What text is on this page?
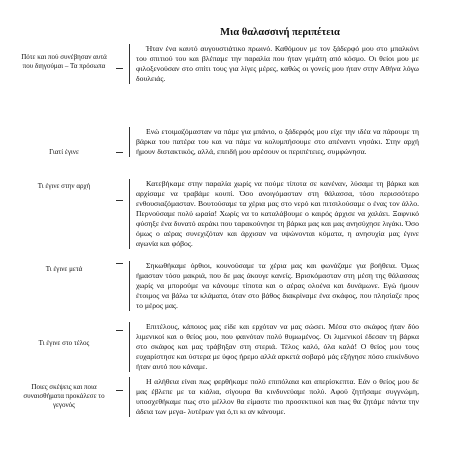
Μια θαλασσινή περιπέτεια
Πότε και πού συνέβησαν αυτά που διηγούμαι – Τα πρόσωπα

Ήταν ένα καυτό αυγουστιάτικο πρωινό. Καθόμουν με τον ξάδερφό μου στο μπαλκόνι του σπιτιού του και βλέπαμε την παραλία που ήταν γεμάτη από κόσμο. Οι θείοι μου με φιλοξενούσαν στο σπίτι τους για λίγες μέρες, καθώς οι γονείς μου ήταν στην Αθήνα λόγω δουλειάς.

Γιατί έγινε

Ενώ ετοιμαζόμασταν να πάμε για μπάνιο, ο ξάδερφός μου είχε την ιδέα να πάρουμε τη βάρκα του πατέρα του και να πάμε να κολυμπήσουμε στο απέναντι νησάκι. Στην αρχή ήμουν διστακτικός, αλλά, επειδή μου αρέσουν οι περιπέτειες, συμφώνησα.

Τι έγινε στην αρχή	Κατεβήκαμε στην παραλία χωρίς να πούμε τίποτα σε κανέναν, λύσαμε τη βάρκα και αρχίσαμε να τραβάμε κουπί. Όσο ανοιγόμασταν στη θάλασσα, τόσο περισσότερο ενθουσιαζόμασταν. Βουτούσαμε τα χέρια μας στο νερό και πιτσιλούσαμε ο ένας τον άλλο. Περνούσαμε πολύ ωραία! Χωρίς να το καταλάβουμε ο καιρός άρχισε να χαλάει. Ξαφνικό φύσηξε ένα δυνατό αεράκι που ταρακούνησε τη βάρκα μας και μας ανησύχησε λιγάκι. Όσο όμως ο αέρας συνεχιζόταν και άρχισαν να υψώνονται κύματα, η ανησυχία μας έγινε αγωνία και φόβος.

Τι έγινε μετά	Σηκωθήκαμε όρθιοι, κουνούσαμε τα χέρια μας και φωνάζαμε για βοήθεια. Όμως ήμασταν τόσο μακριά, που δε μας άκουγε κανείς. Βρισκόμασταν στη μέση της θάλασσας χωρίς να μπορούμε να κάνουμε τίποτα και ο αέρας ολοένα και δυνάμωνε. Εγώ ήμουν έτοιμος να βάλω τα κλάματα, όταν στο βάθος διακρίναμε ένα σκάφος, που πλησίαζε προς το μέρος μας.

Τι έγινε στο τέλος

Επιτέλους, κάποιος μας είδε και ερχόταν να μας σώσει. Μέσα στο σκάφος ήταν δύο λιμενικοί και ο θείος μου, που φαινόταν πολύ θυμωμένος. Οι λιμενικοί έδεσαν τη βάρκα στο σκάφος και μας τράβηξαν στη στεριά. Τέλος καλό, όλα καλά! Ο θείος μου τους ευχαρίστησε και ύστερα με ύφος ήρεμο αλλά αρκετά σοβαρό μάς εξήγησε πόσο επικίνδυνο ήταν αυτό που κάναμε.

Ποιες σκέψεις και ποια συναισθήματα προκάλεσε το γεγονός

Η αλήθεια είναι πως φερθήκαμε πολύ επιπόλαια και απερίσκεπτα. Εάν ο θείος μου δε μας έβλεπε με τα κιάλια, σίγουρα θα κινδυνεύαμε πολύ. Αφού ζητήσαμε συγγνώμη, υποσχεθήκαμε πως στο μέλλον θα είμαστε πιο προσεκτικοί και πως θα ζητάμε πάντα την άδεια των μεγα- λυτέρων για ό,τι κι αν κάνουμε.
